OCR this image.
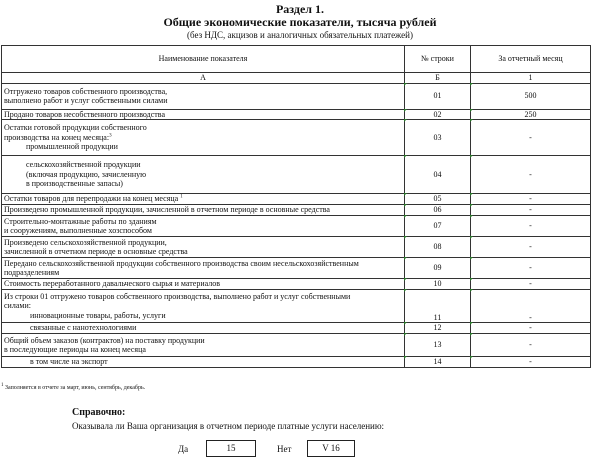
Раздел 1.
Общие экономические показатели, тысяча рублей
(без НДС, акцизов и аналогичных обязательных платежей)
Наименование показателя	№ строки	За отчетный месяц
А	Б	1
Отгружено товаров собственного производства,
выполнено работ и услуг собственными силами	01	500
Продано товаров несобственного производства	02	250
Остатки готовой продукции собственного
производства на конец месяца:$^3$

промышленной продукции	03	-

сельскохозяйственной продукции
(включая продукцию, зачисленную
в производственные запасы)	04	-
Остатки товаров для перепродажи на конец месяца $^1$	05	-
Произведено промышленной продукции, зачисленной в отчетном периоде в основные средства	06	-
Строительно-монтажные работы по зданиям
и сооружениям, выполненные хозспособом	07	-
Произведено сельскохозяйственной продукции,
зачисленной в отчетном периоде в основные средства	08	-
Передано сельскохозяйственной продукции собственного производства своим несельскохозяйственным
подразделениям	09	-
Стоимость переработанного давальческого сырья и материалов	10	-
Из строки 01 отгружено товаров собственного производства, выполнено работ и услуг собственными
силами:
инновационные товары, работы, услуги	11	-

связанные с нанотехнологиями	12	-
Общий объем заказов (контрактов) на поставку продукции
в последующие периоды на конец месяца	13	-

в том числе на экспорт	14	-
$^1$ Заполняется в отчете за март, июнь, сентябрь, декабрь.
Справочно:
Оказывала ли Ваша организация в отчетном периоде платные услуги населению:
Да	15	Нет	V 16
